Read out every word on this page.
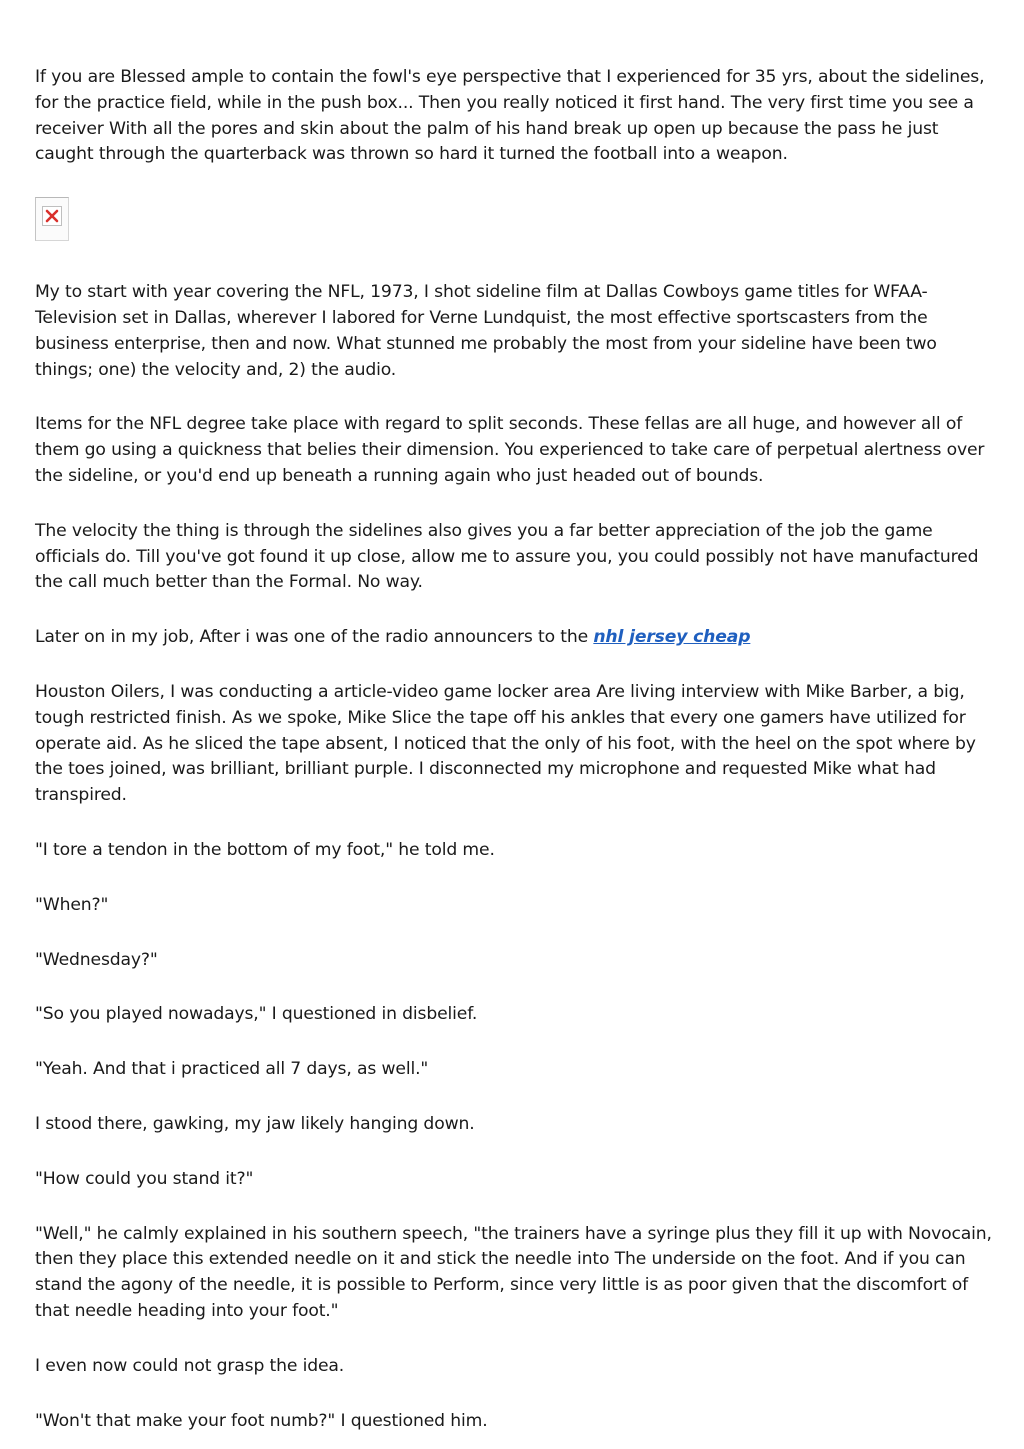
If you are Blessed ample to contain the fowl's eye perspective that I experienced for 35 yrs, about the sidelines, for the practice field, while in the push box... Then you really noticed it first hand. The very first time you see a receiver With all the pores and skin about the palm of his hand break up open up because the pass he just caught through the quarterback was thrown so hard it turned the football into a weapon.

My to start with year covering the NFL, 1973, I shot sideline film at Dallas Cowboys game titles for WFAA-Television set in Dallas, wherever I labored for Verne Lundquist, the most effective sportscasters from the business enterprise, then and now. What stunned me probably the most from your sideline have been two things; one) the velocity and, 2) the audio.

Items for the NFL degree take place with regard to split seconds. These fellas are all huge, and however all of them go using a quickness that belies their dimension. You experienced to take care of perpetual alertness over the sideline, or you'd end up beneath a running again who just headed out of bounds.

The velocity the thing is through the sidelines also gives you a far better appreciation of the job the game officials do. Till you've got found it up close, allow me to assure you, you could possibly not have manufactured the call much better than the Formal. No way.

Later on in my job, After i was one of the radio announcers to the nhl jersey cheap

Houston Oilers, I was conducting a article-video game locker area Are living interview with Mike Barber, a big, tough restricted finish. As we spoke, Mike Slice the tape off his ankles that every one gamers have utilized for operate aid. As he sliced the tape absent, I noticed that the only of his foot, with the heel on the spot where by the toes joined, was brilliant, brilliant purple. I disconnected my microphone and requested Mike what had transpired.

"I tore a tendon in the bottom of my foot," he told me.

"When?"

"Wednesday?"

"So you played nowadays," I questioned in disbelief.

"Yeah. And that i practiced all 7 days, as well."

I stood there, gawking, my jaw likely hanging down.

"How could you stand it?"

"Well," he calmly explained in his southern speech, "the trainers have a syringe plus they fill it up with Novocain, then they place this extended needle on it and stick the needle into The underside on the foot. And if you can stand the agony of the needle, it is possible to Perform, since very little is as poor given that the discomfort of that needle heading into your foot."

I even now could not grasp the idea.

"Won't that make your foot numb?" I questioned him.
